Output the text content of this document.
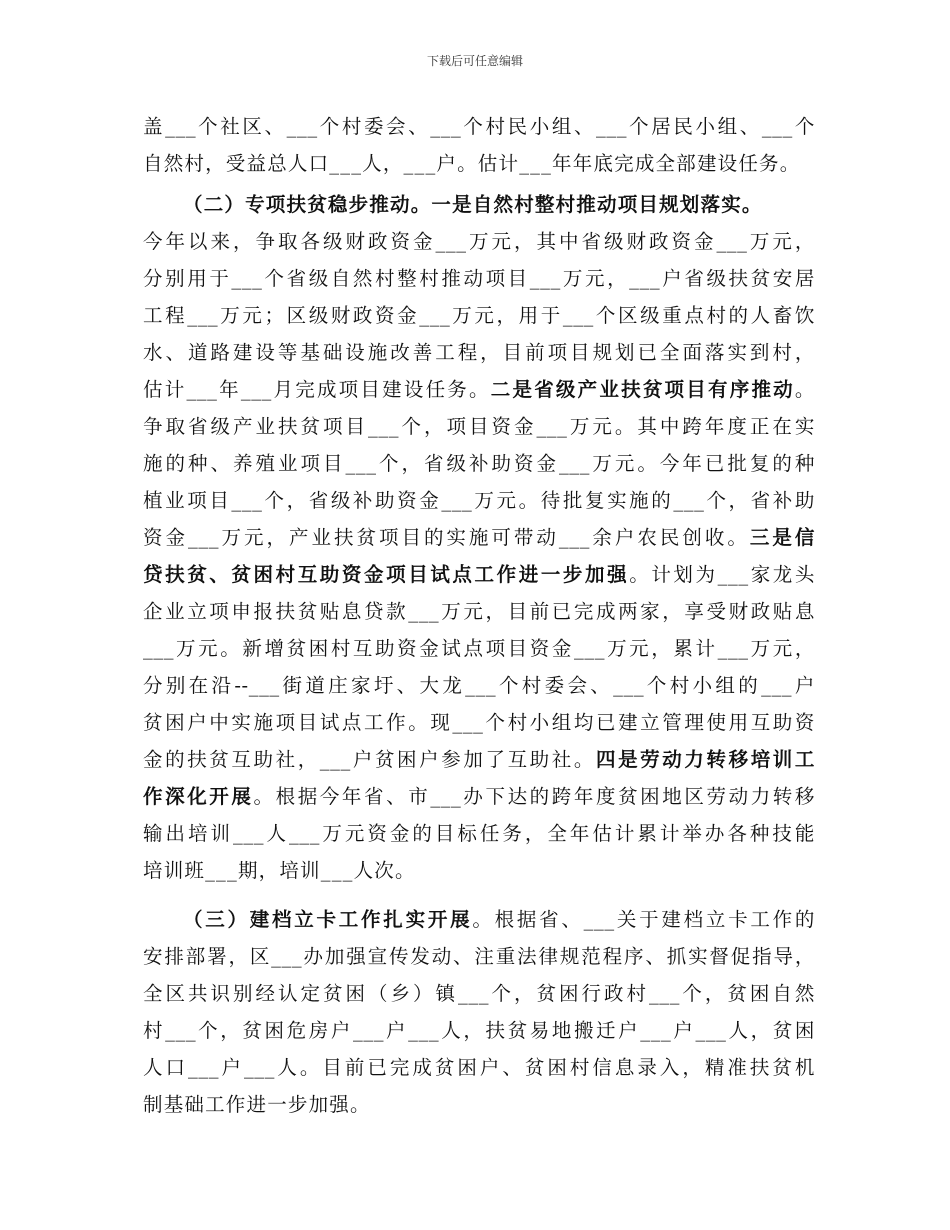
下载后可任意编辑
盖___个社区、___个村委会、___个村民小组、___个居民小组、___个
自然村，受益总人口___人，___户。估计___年年底完成全部建设任务。
（二）专项扶贫稳步推动。一是自然村整村推动项目规划落实。
今年以来，争取各级财政资金___万元，其中省级财政资金___万元，
分别用于___个省级自然村整村推动项目___万元，___户省级扶贫安居
工程___万元；区级财政资金___万元，用于___个区级重点村的人畜饮
水、道路建设等基础设施改善工程，目前项目规划已全面落实到村，
估计___年___月完成项目建设任务。二是省级产业扶贫项目有序推动。
争取省级产业扶贫项目___个，项目资金___万元。其中跨年度正在实
施的种、养殖业项目___个，省级补助资金___万元。今年已批复的种
植业项目___个，省级补助资金___万元。待批复实施的___个，省补助
资金___万元，产业扶贫项目的实施可带动___余户农民创收。三是信
贷扶贫、贫困村互助资金项目试点工作进一步加强。计划为___家龙头
企业立项申报扶贫贴息贷款___万元，目前已完成两家，享受财政贴息
___万元。新增贫困村互助资金试点项目资金___万元，累计___万元，
分别在沿--___街道庄家圩、大龙___个村委会、___个村小组的___户
贫困户中实施项目试点工作。现___个村小组均已建立管理使用互助资
金的扶贫互助社，___户贫困户参加了互助社。四是劳动力转移培训工
作深化开展。根据今年省、市___办下达的跨年度贫困地区劳动力转移
输出培训___人___万元资金的目标任务，全年估计累计举办各种技能
培训班___期，培训___人次。
（三）建档立卡工作扎实开展。根据省、___关于建档立卡工作的
安排部署，区___办加强宣传发动、注重法律规范程序、抓实督促指导，
全区共识别经认定贫困（乡）镇___个，贫困行政村___个，贫困自然
村___个，贫困危房户___户___人，扶贫易地搬迁户___户___人，贫困
人口___户___人。目前已完成贫困户、贫困村信息录入，精准扶贫机
制基础工作进一步加强。
